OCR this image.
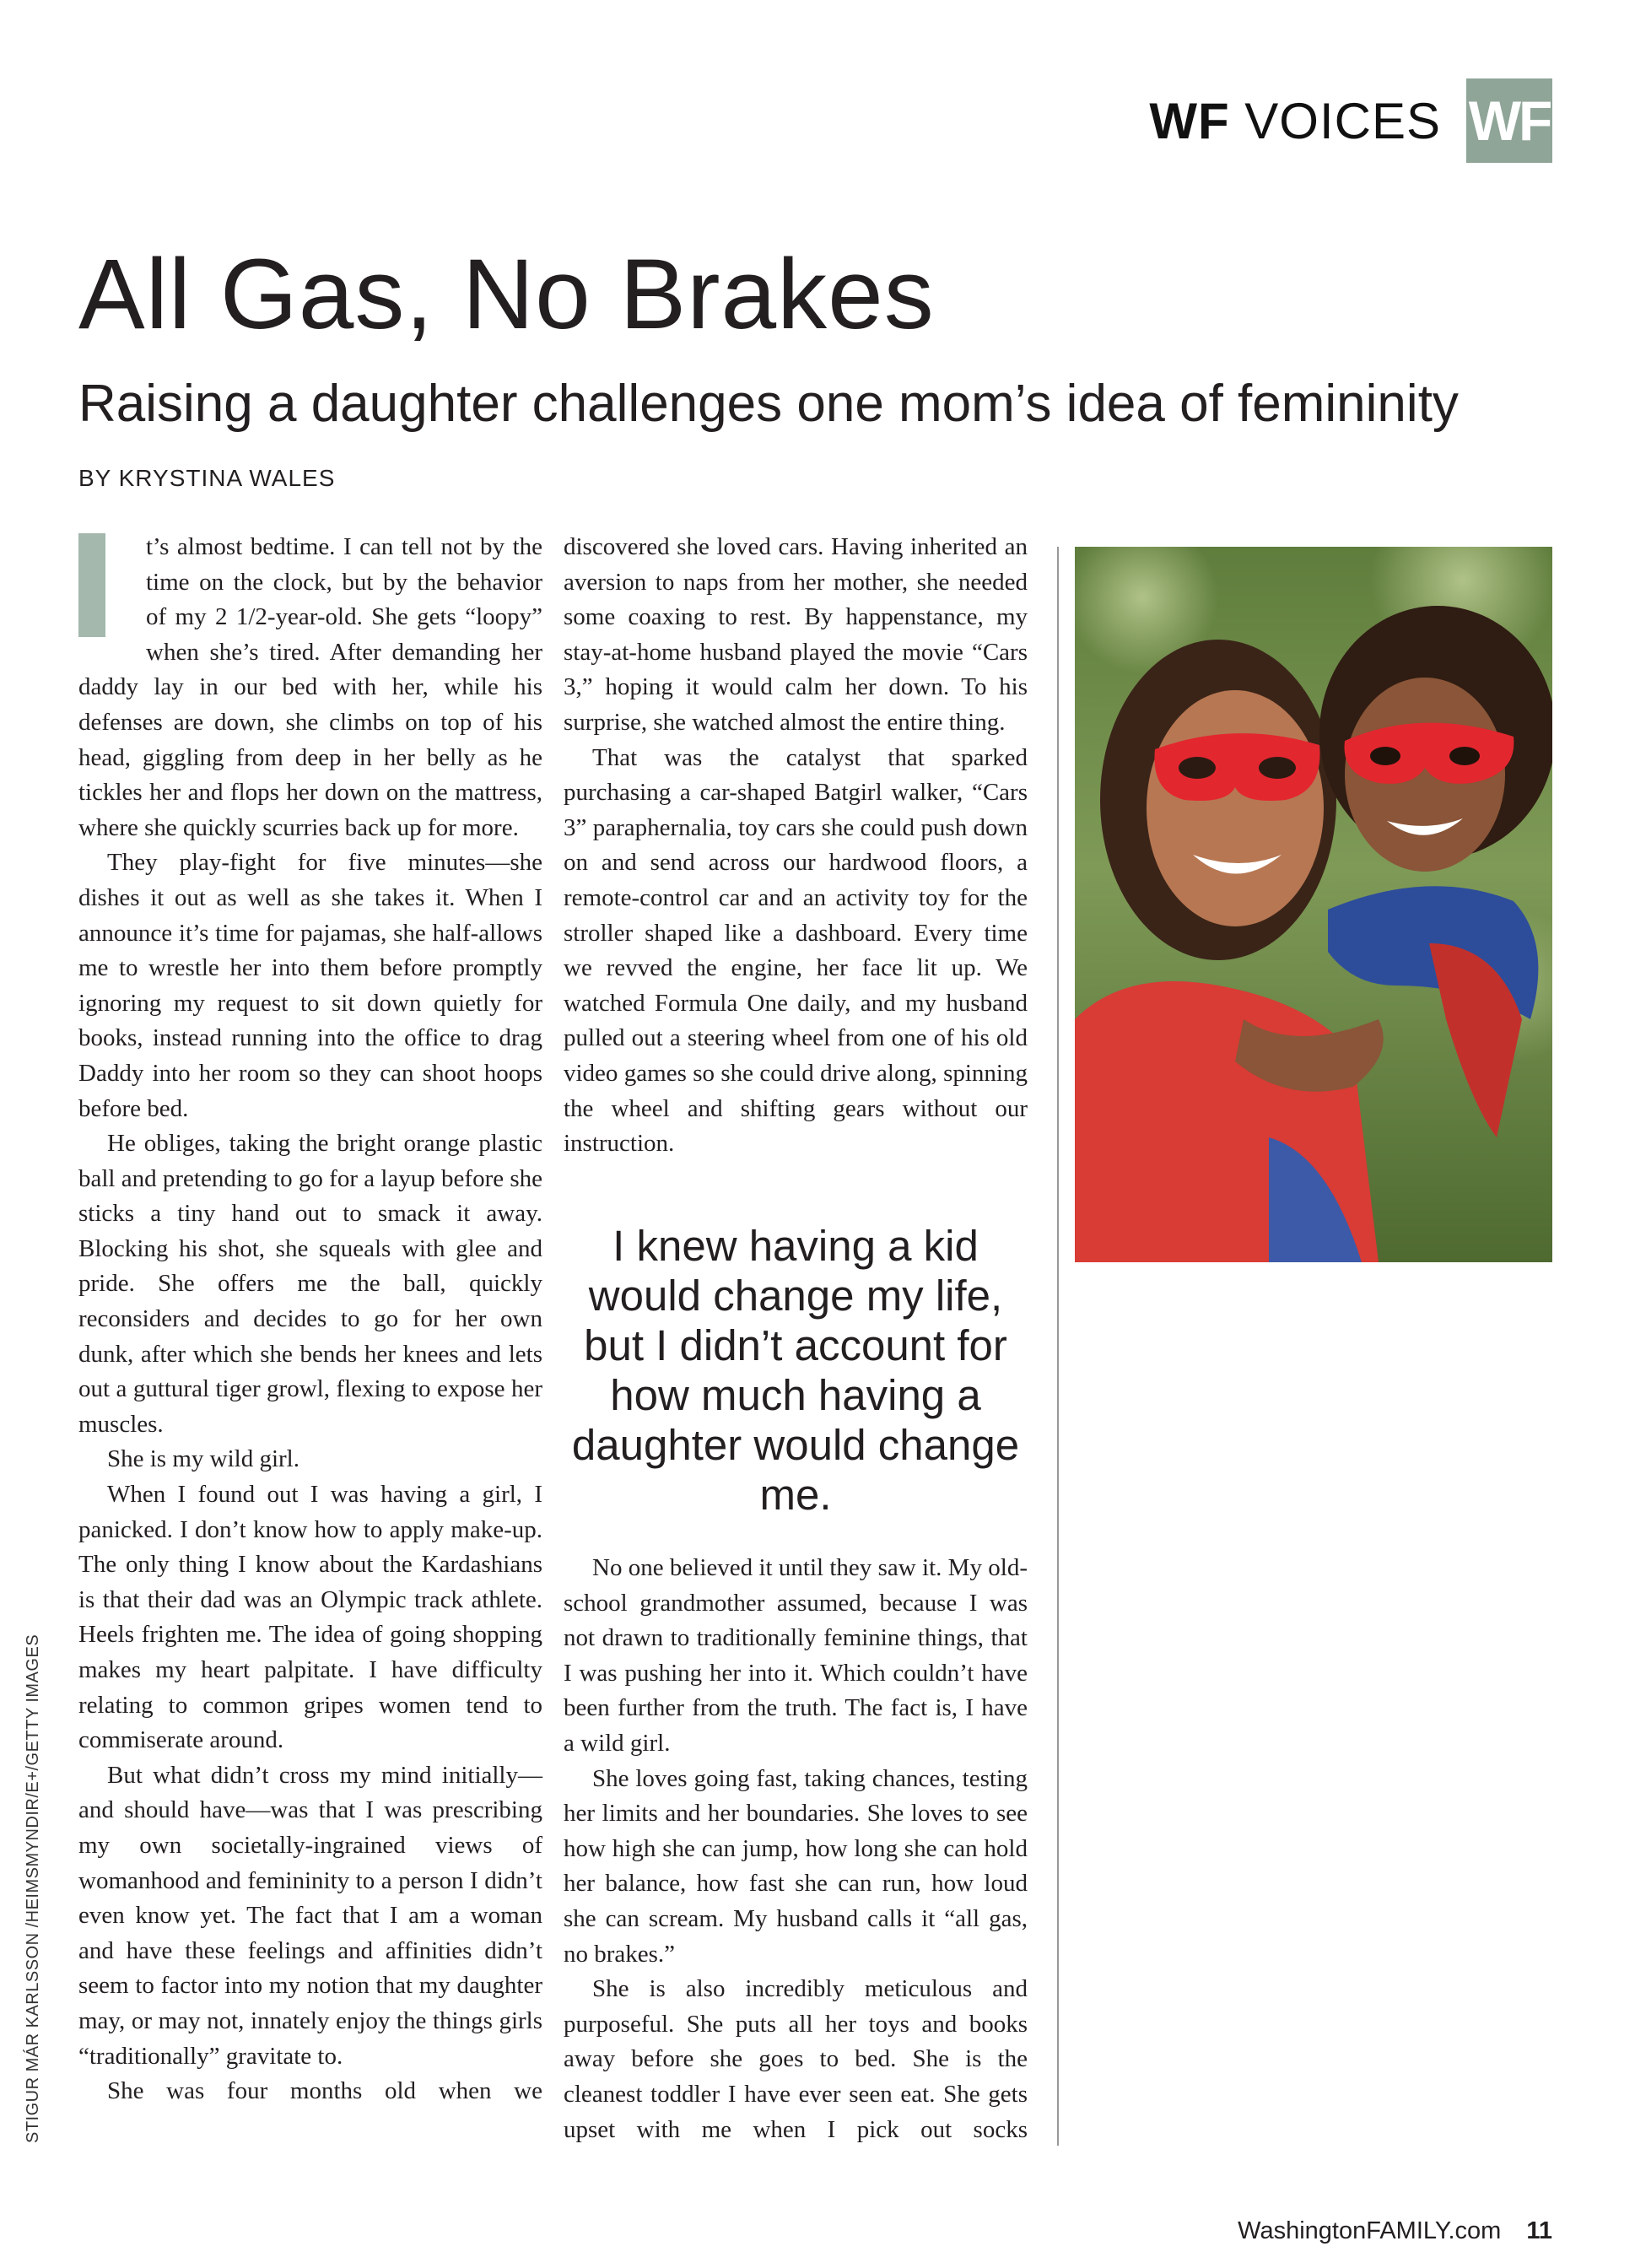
WF VOICES WF
All Gas, No Brakes
Raising a daughter challenges one mom’s idea of femininity
BY KRYSTINA WALES

t’s almost bedtime. I can tell not by the time on the clock, but by the behavior of my 2 1/2-year-old. She gets “loopy” when she’s tired. After demanding her daddy lay in our bed with her, while his defenses are down, she climbs on top of his head, giggling from deep in her belly as he tickles her and flops her down on the mattress, where she quickly scurries back up for more.

They play-fight for five minutes—she dishes it out as well as she takes it. When I announce it’s time for pajamas, she half-allows me to wrestle her into them before promptly ignoring my request to sit down quietly for books, instead running into the office to drag Daddy into her room so they can shoot hoops before bed.

He obliges, taking the bright orange plastic ball and pretending to go for a layup before she sticks a tiny hand out to smack it away. Blocking his shot, she squeals with glee and pride. She offers me the ball, quickly reconsiders and decides to go for her own dunk, after which she bends her knees and lets out a guttural tiger growl, flexing to expose her muscles.

She is my wild girl.

When I found out I was having a girl, I panicked. I don’t know how to apply make-up. The only thing I know about the Kardashians is that their dad was an Olympic track athlete. Heels frighten me. The idea of going shopping makes my heart palpitate. I have difficulty relating to common gripes women tend to commiserate around.

But what didn’t cross my mind initially—and should have—was that I was prescribing my own societally-ingrained views of womanhood and femininity to a person I didn’t even know yet. The fact that I am a woman and have these feelings and affinities didn’t seem to factor into my notion that my daughter may, or may not, innately enjoy the things girls “traditionally” gravitate to.

She was four months old when we

discovered she loved cars. Having inherited an aversion to naps from her mother, she needed some coaxing to rest. By happenstance, my stay-at-home husband played the movie “Cars 3,” hoping it would calm her down. To his surprise, she watched almost the entire thing.

That was the catalyst that sparked purchasing a car-shaped Batgirl walker, “Cars 3” paraphernalia, toy cars she could push down on and send across our hardwood floors, a remote-control car and an activity toy for the stroller shaped like a dashboard. Every time we revved the engine, her face lit up. We watched Formula One daily, and my husband pulled out a steering wheel from one of his old video games so she could drive along, spinning the wheel and shifting gears without our instruction.

I knew having a kid would change my life, but I didn’t account for how much having a daughter would change me.

No one believed it until they saw it. My old-school grandmother assumed, because I was not drawn to traditionally feminine things, that I was pushing her into it. Which couldn’t have been further from the truth. The fact is, I have a wild girl.

She loves going fast, taking chances, testing her limits and her boundaries. She loves to see how high she can jump, how long she can hold her balance, how fast she can run, how loud she can scream. My husband calls it “all gas, no brakes.”

She is also incredibly meticulous and purposeful. She puts all her toys and books away before she goes to bed. She is the cleanest toddler I have ever seen eat. She gets upset with me when I pick out socks

STIGUR MÁR KARLSSON /HEIMSMYNDIR/E+/GETTY IMAGES
WashingtonFAMILY.com 11
